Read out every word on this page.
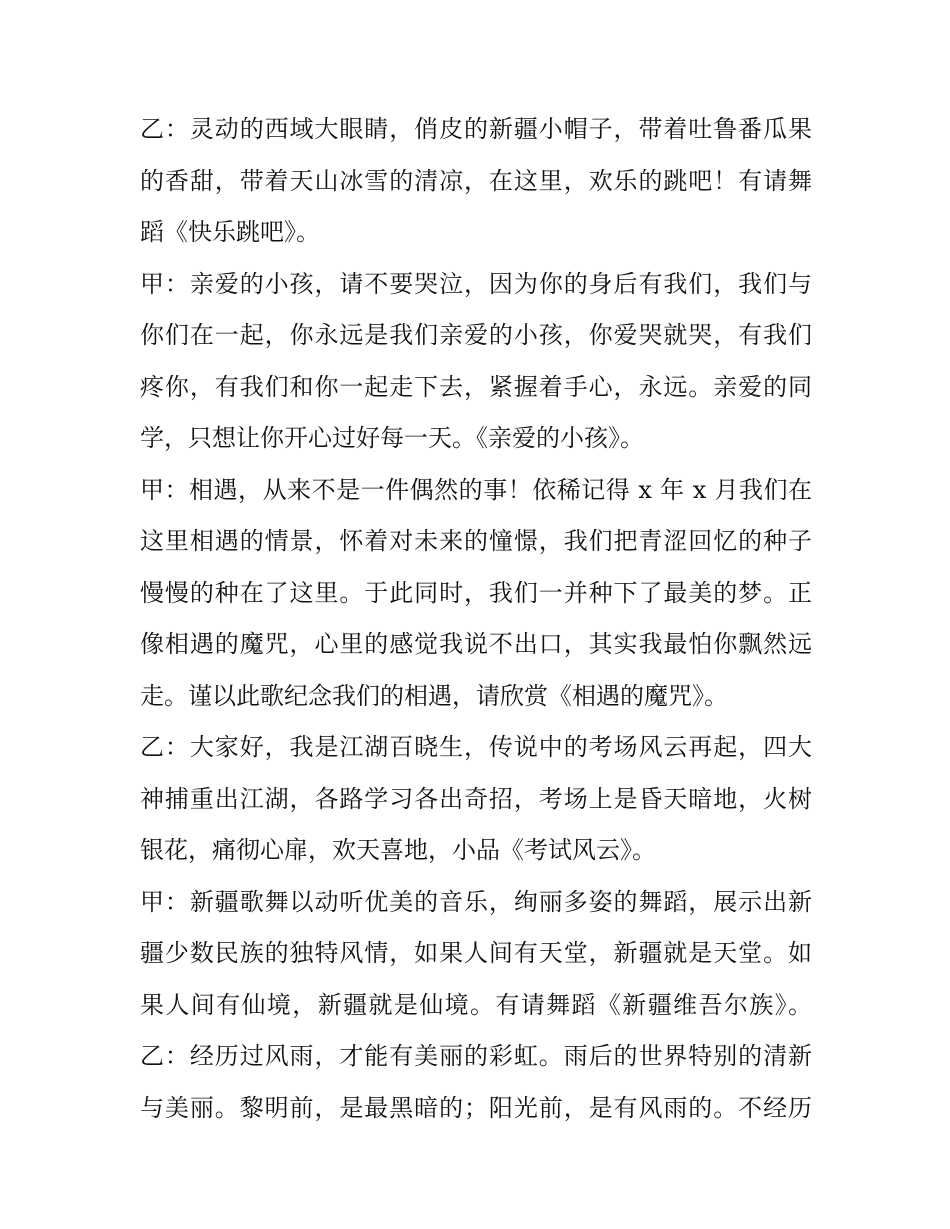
乙：灵动的西域大眼睛，俏皮的新疆小帽子，带着吐鲁番瓜果
的香甜，带着天山冰雪的清凉，在这里，欢乐的跳吧！有请舞
蹈《快乐跳吧》。
甲：亲爱的小孩，请不要哭泣，因为你的身后有我们，我们与
你们在一起，你永远是我们亲爱的小孩，你爱哭就哭，有我们
疼你，有我们和你一起走下去，紧握着手心，永远。亲爱的同
学，只想让你开心过好每一天。《亲爱的小孩》。
甲：相遇，从来不是一件偶然的事！依稀记得 x 年 x 月我们在
这里相遇的情景，怀着对未来的憧憬，我们把青涩回忆的种子
慢慢的种在了这里。于此同时，我们一并种下了最美的梦。正
像相遇的魔咒，心里的感觉我说不出口，其实我最怕你飘然远
走。谨以此歌纪念我们的相遇，请欣赏《相遇的魔咒》。
乙：大家好，我是江湖百晓生，传说中的考场风云再起，四大
神捕重出江湖，各路学习各出奇招，考场上是昏天暗地，火树
银花，痛彻心扉，欢天喜地，小品《考试风云》。
甲：新疆歌舞以动听优美的音乐，绚丽多姿的舞蹈，展示出新
疆少数民族的独特风情，如果人间有天堂，新疆就是天堂。如
果人间有仙境，新疆就是仙境。有请舞蹈《新疆维吾尔族》。
乙：经历过风雨，才能有美丽的彩虹。雨后的世界特别的清新
与美丽。黎明前，是最黑暗的；阳光前，是有风雨的。不经历
